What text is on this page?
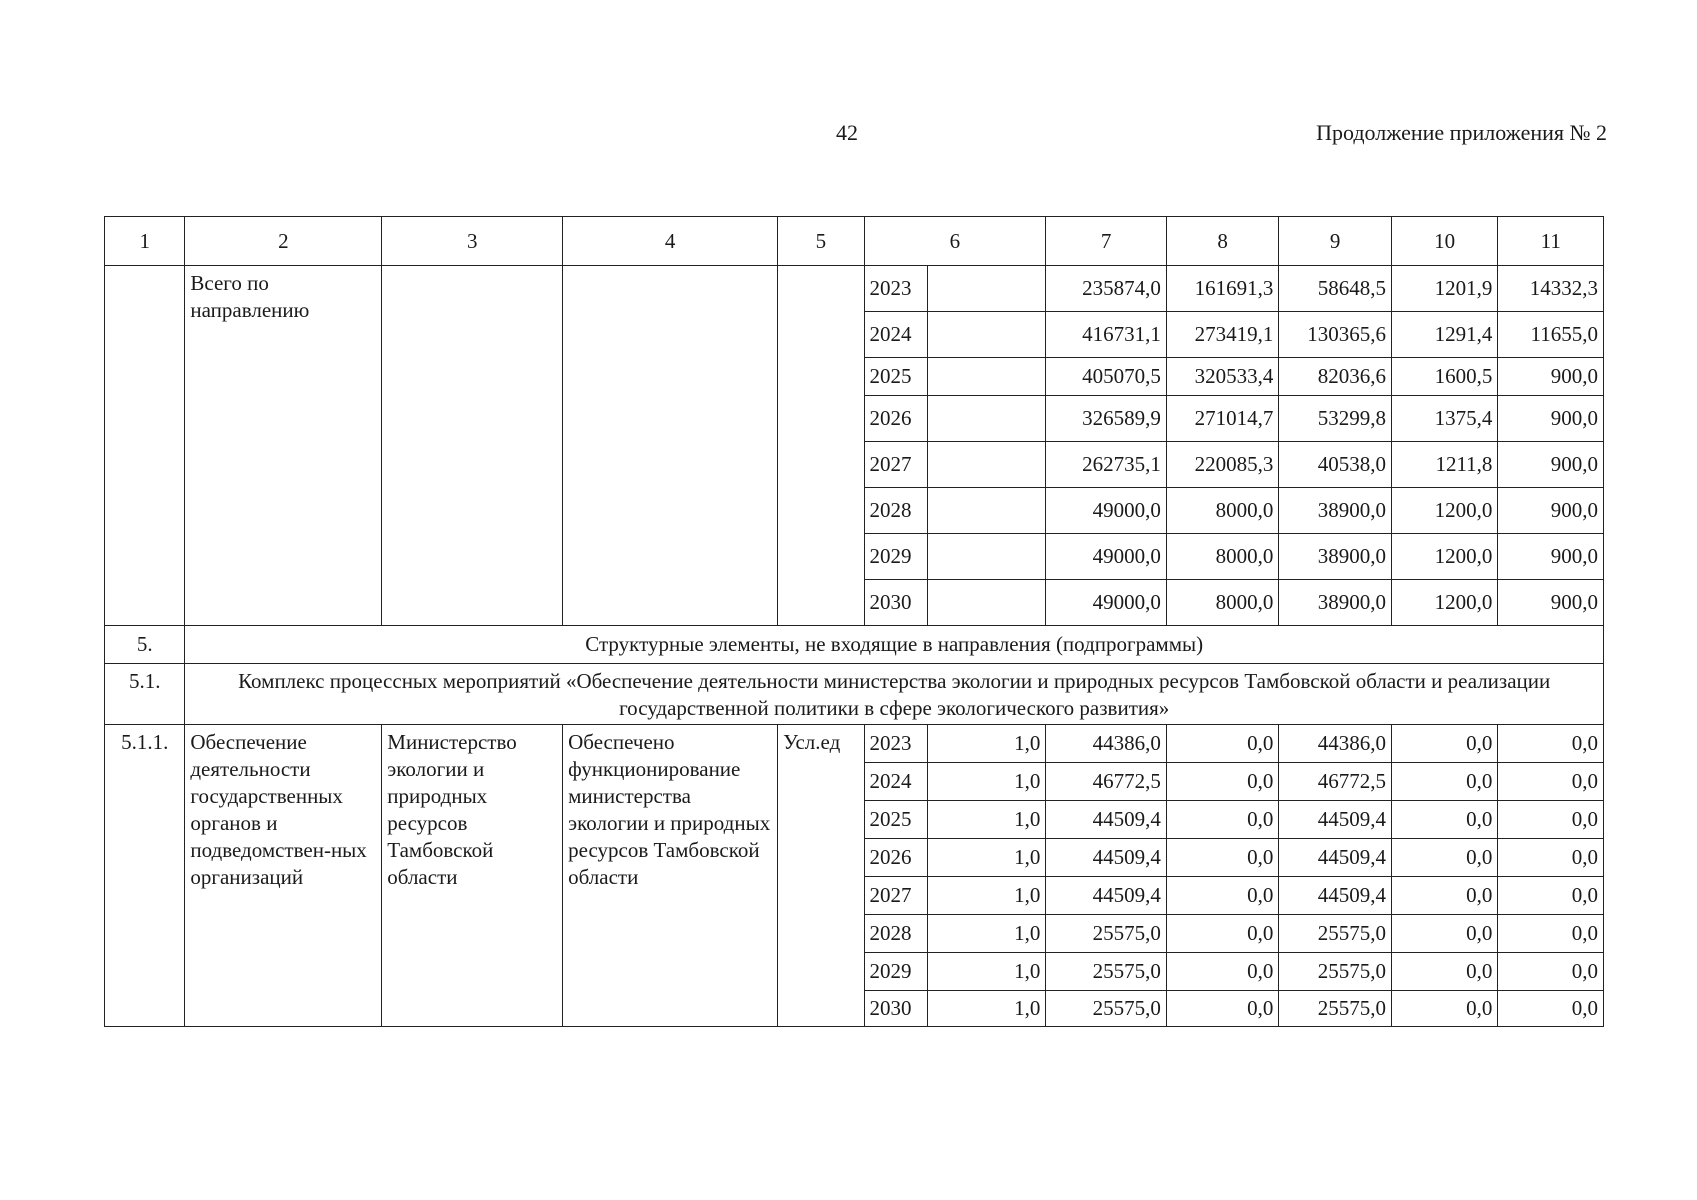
42	Продолжение приложения № 2
1	2	3	4	5	6		7	8	9	10	11
	Всего по направлению				2023		235874,0	161691,3	58648,5	1201,9	14332,3
					2024		416731,1	273419,1	130365,6	1291,4	11655,0
					2025		405070,5	320533,4	82036,6	1600,5	900,0
					2026		326589,9	271014,7	53299,8	1375,4	900,0
					2027		262735,1	220085,3	40538,0	1211,8	900,0
					2028		49000,0	8000,0	38900,0	1200,0	900,0
					2029		49000,0	8000,0	38900,0	1200,0	900,0
					2030		49000,0	8000,0	38900,0	1200,0	900,0
5.	Структурные элементы, не входящие в направления (подпрограммы)										
5.1.	Комплекс процессных мероприятий «Обеспечение деятельности министерства экологии и природных ресурсов Тамбовской области и реализации государственной политики в сфере экологического развития»										
5.1.1.	Обеспечение деятельности государственных органов и подведомствен-ных организаций	Министерство экологии и природных ресурсов Тамбовской области	Обеспечено функционирование министерства экологии и природных ресурсов Тамбовской области	Усл.ед	2023	1,0	44386,0	0,0	44386,0	0,0	0,0
					2024	1,0	46772,5	0,0	46772,5	0,0	0,0
					2025	1,0	44509,4	0,0	44509,4	0,0	0,0
					2026	1,0	44509,4	0,0	44509,4	0,0	0,0
					2027	1,0	44509,4	0,0	44509,4	0,0	0,0
					2028	1,0	25575,0	0,0	25575,0	0,0	0,0
					2029	1,0	25575,0	0,0	25575,0	0,0	0,0
					2030	1,0	25575,0	0,0	25575,0	0,0	0,0
